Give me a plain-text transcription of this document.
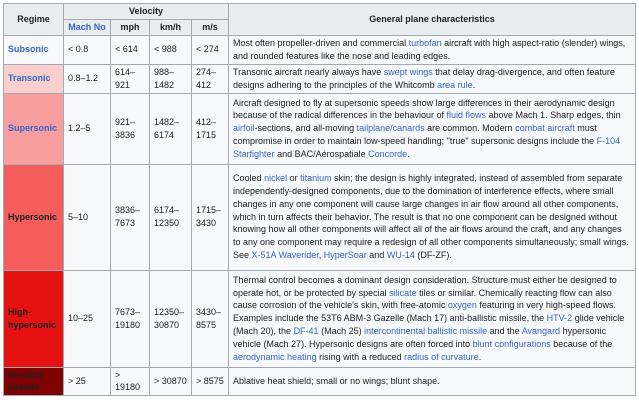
Regime	Velocity				General plane characteristics
	Mach No	mph	km/h	m/s	
Subsonic	< 0.8	< 614	< 988	< 274	Most often propeller-driven and commercial turbofan aircraft with high aspect-ratio (slender) wings, and rounded features like the nose and leading edges.
Transonic	0.8–1.2	614–921	988–1482	274–412	Transonic aircraft nearly always have swept wings that delay drag-divergence, and often feature designs adhering to the principles of the Whitcomb area rule.
Supersonic	1.2–5	921–3836	1482–6174	412–1715	Aircraft designed to fly at supersonic speeds show large differences in their aerodynamic design because of the radical differences in the behaviour of fluid flows above Mach 1. Sharp edges, thin airfoil-sections, and all-moving tailplane/canards are common. Modern combat aircraft must compromise in order to maintain low-speed handling; "true" supersonic designs include the F-104 Starfighter and BAC/Aérospatiale Concorde.
Hypersonic	5–10	3836–7673	6174–12350	1715–3430	Cooled nickel or titanium skin; the design is highly integrated, instead of assembled from separate independently-designed components, due to the domination of interference effects, where small changes in any one component will cause large changes in air flow around all other components, which in turn affects their behavior. The result is that no one component can be designed without knowing how all other components will affect all of the air flows around the craft, and any changes to any one component may require a redesign of all other components simultaneously; small wings. See X-51A Waverider, HyperSoar and WU-14 (DF-ZF).
High-hypersonic	10–25	7673–19180	12350–30870	3430–8575	Thermal control becomes a dominant design consideration. Structure must either be designed to operate hot, or be protected by special silicate tiles or similar. Chemically reacting flow can also cause corrosion of the vehicle's skin, with free-atomic oxygen featuring in very high-speed flows. Examples include the 53T6 ABM-3 Gazelle (Mach 17) anti-ballistic missile, the HTV-2 glide vehicle (Mach 20), the DF-41 (Mach 25) intercontinental ballistic missile and the Avangard hypersonic vehicle (Mach 27). Hypersonic designs are often forced into blunt configurations because of the aerodynamic heating rising with a reduced radius of curvature.
Re-entry speeds	> 25	> 19180	> 30870	> 8575	Ablative heat shield; small or no wings; blunt shape.
